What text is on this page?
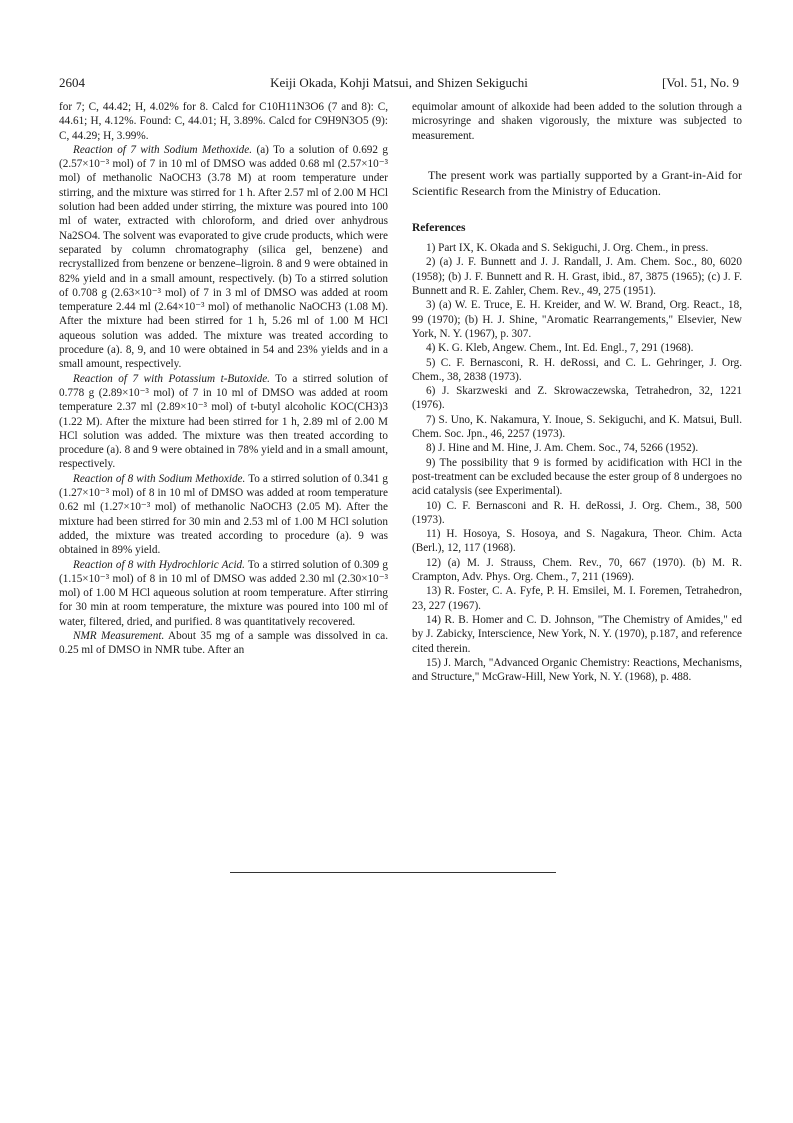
2604	Keiji Okada, Kohji Matsui, and Shizen Sekiguchi	[Vol. 51, No. 9

for 7; C, 44.42; H, 4.02% for 8. Calcd for C10H11N3O6 (7 and 8): C, 44.61; H, 4.12%. Found: C, 44.01; H, 3.89%. Calcd for C9H9N3O5 (9): C, 44.29; H, 3.99%.

Reaction of 7 with Sodium Methoxide. (a) To a solution of 0.692 g (2.57×10⁻³ mol) of 7 in 10 ml of DMSO was added 0.68 ml (2.57×10⁻³ mol) of methanolic NaOCH3 (3.78 M) at room temperature under stirring, and the mixture was stirred for 1 h. After 2.57 ml of 2.00 M HCl solution had been added under stirring, the mixture was poured into 100 ml of water, extracted with chloroform, and dried over anhydrous Na2SO4. The solvent was evaporated to give crude products, which were separated by column chromatography (silica gel, benzene) and recrystallized from benzene or benzene–ligroin. 8 and 9 were obtained in 82% yield and in a small amount, respectively. (b) To a stirred solution of 0.708 g (2.63×10⁻³ mol) of 7 in 3 ml of DMSO was added at room temperature 2.44 ml (2.64×10⁻³ mol) of methanolic NaOCH3 (1.08 M). After the mixture had been stirred for 1 h, 5.26 ml of 1.00 M HCl aqueous solution was added. The mixture was treated according to procedure (a). 8, 9, and 10 were obtained in 54 and 23% yields and in a small amount, respectively.

Reaction of 7 with Potassium t-Butoxide. To a stirred solution of 0.778 g (2.89×10⁻³ mol) of 7 in 10 ml of DMSO was added at room temperature 2.37 ml (2.89×10⁻³ mol) of t-butyl alcoholic KOC(CH3)3 (1.22 M). After the mixture had been stirred for 1 h, 2.89 ml of 2.00 M HCl solution was added. The mixture was then treated according to procedure (a). 8 and 9 were obtained in 78% yield and in a small amount, respectively.

Reaction of 8 with Sodium Methoxide. To a stirred solution of 0.341 g (1.27×10⁻³ mol) of 8 in 10 ml of DMSO was added at room temperature 0.62 ml (1.27×10⁻³ mol) of methanolic NaOCH3 (2.05 M). After the mixture had been stirred for 30 min and 2.53 ml of 1.00 M HCl solution added, the mixture was treated according to procedure (a). 9 was obtained in 89% yield.

Reaction of 8 with Hydrochloric Acid. To a stirred solution of 0.309 g (1.15×10⁻³ mol) of 8 in 10 ml of DMSO was added 2.30 ml (2.30×10⁻³ mol) of 1.00 M HCl aqueous solution at room temperature. After stirring for 30 min at room temperature, the mixture was poured into 100 ml of water, filtered, dried, and purified. 8 was quantitatively recovered.

NMR Measurement. About 35 mg of a sample was dissolved in ca. 0.25 ml of DMSO in NMR tube. After an

equimolar amount of alkoxide had been added to the solution through a microsyringe and shaken vigorously, the mixture was subjected to measurement.

The present work was partially supported by a Grant-in-Aid for Scientific Research from the Ministry of Education.

References

1) Part IX, K. Okada and S. Sekiguchi, J. Org. Chem., in press.

2) (a) J. F. Bunnett and J. J. Randall, J. Am. Chem. Soc., 80, 6020 (1958); (b) J. F. Bunnett and R. H. Grast, ibid., 87, 3875 (1965); (c) J. F. Bunnett and R. E. Zahler, Chem. Rev., 49, 275 (1951).

3) (a) W. E. Truce, E. H. Kreider, and W. W. Brand, Org. React., 18, 99 (1970); (b) H. J. Shine, "Aromatic Rearrangements," Elsevier, New York, N. Y. (1967), p. 307.

4) K. G. Kleb, Angew. Chem., Int. Ed. Engl., 7, 291 (1968).

5) C. F. Bernasconi, R. H. deRossi, and C. L. Gehringer, J. Org. Chem., 38, 2838 (1973).

6) J. Skarzweski and Z. Skrowaczewska, Tetrahedron, 32, 1221 (1976).

7) S. Uno, K. Nakamura, Y. Inoue, S. Sekiguchi, and K. Matsui, Bull. Chem. Soc. Jpn., 46, 2257 (1973).

8) J. Hine and M. Hine, J. Am. Chem. Soc., 74, 5266 (1952).

9) The possibility that 9 is formed by acidification with HCl in the post-treatment can be excluded because the ester group of 8 undergoes no acid catalysis (see Experimental).

10) C. F. Bernasconi and R. H. deRossi, J. Org. Chem., 38, 500 (1973).

11) H. Hosoya, S. Hosoya, and S. Nagakura, Theor. Chim. Acta (Berl.), 12, 117 (1968).

12) (a) M. J. Strauss, Chem. Rev., 70, 667 (1970). (b) M. R. Crampton, Adv. Phys. Org. Chem., 7, 211 (1969).

13) R. Foster, C. A. Fyfe, P. H. Emsilei, M. I. Foremen, Tetrahedron, 23, 227 (1967).

14) R. B. Homer and C. D. Johnson, "The Chemistry of Amides," ed by J. Zabicky, Interscience, New York, N. Y. (1970), p.187, and reference cited therein.

15) J. March, "Advanced Organic Chemistry: Reactions, Mechanisms, and Structure," McGraw-Hill, New York, N. Y. (1968), p. 488.
